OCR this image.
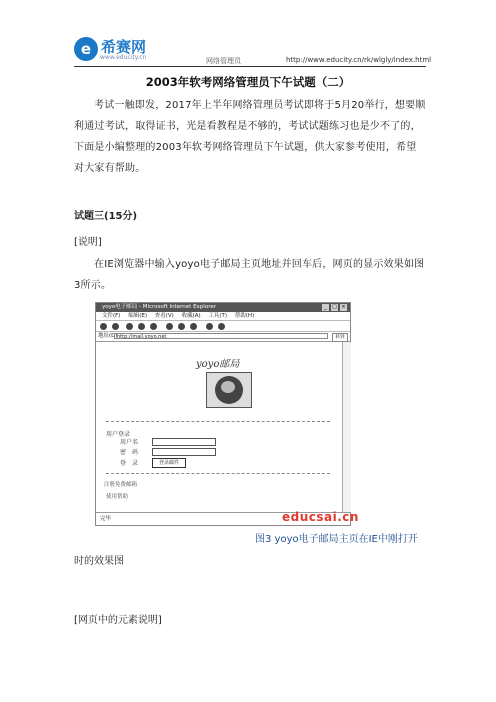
e 希赛网
www.educity.cn	网络管理员	http://www.educity.cn/rk/wlgly/index.html
2003年软考网络管理员下午试题（二）
考试一触即发，2017年上半年网络管理员考试即将于5月20举行，想要顺利通过考试，取得证书，光是看教程是不够的，考试试题练习也是少不了的，下面是小编整理的2003年软考网络管理员下午试题，供大家参考使用，希望对大家有帮助。
试题三(15分)
[说明]
在IE浏览器中输入yoyo电子邮局主页地址并回车后，网页的显示效果如图3所示。
yoyo电子邮局 - Microsoft Internet Explorer	_	□ ×
文件(F) 编辑(E) 查看(V) 收藏(A) 工具(T) 帮助(H)
地址(D) http://mail.yoyo.net	转到
yoyo邮局
用户登录
用户名
密　码
登　录	登录邮件
注册免费邮箱
使用帮助
完毕	educsai.cn
图3 yoyo电子邮局主页在IE中刚打开
时的效果图
[网页中的元素说明]
